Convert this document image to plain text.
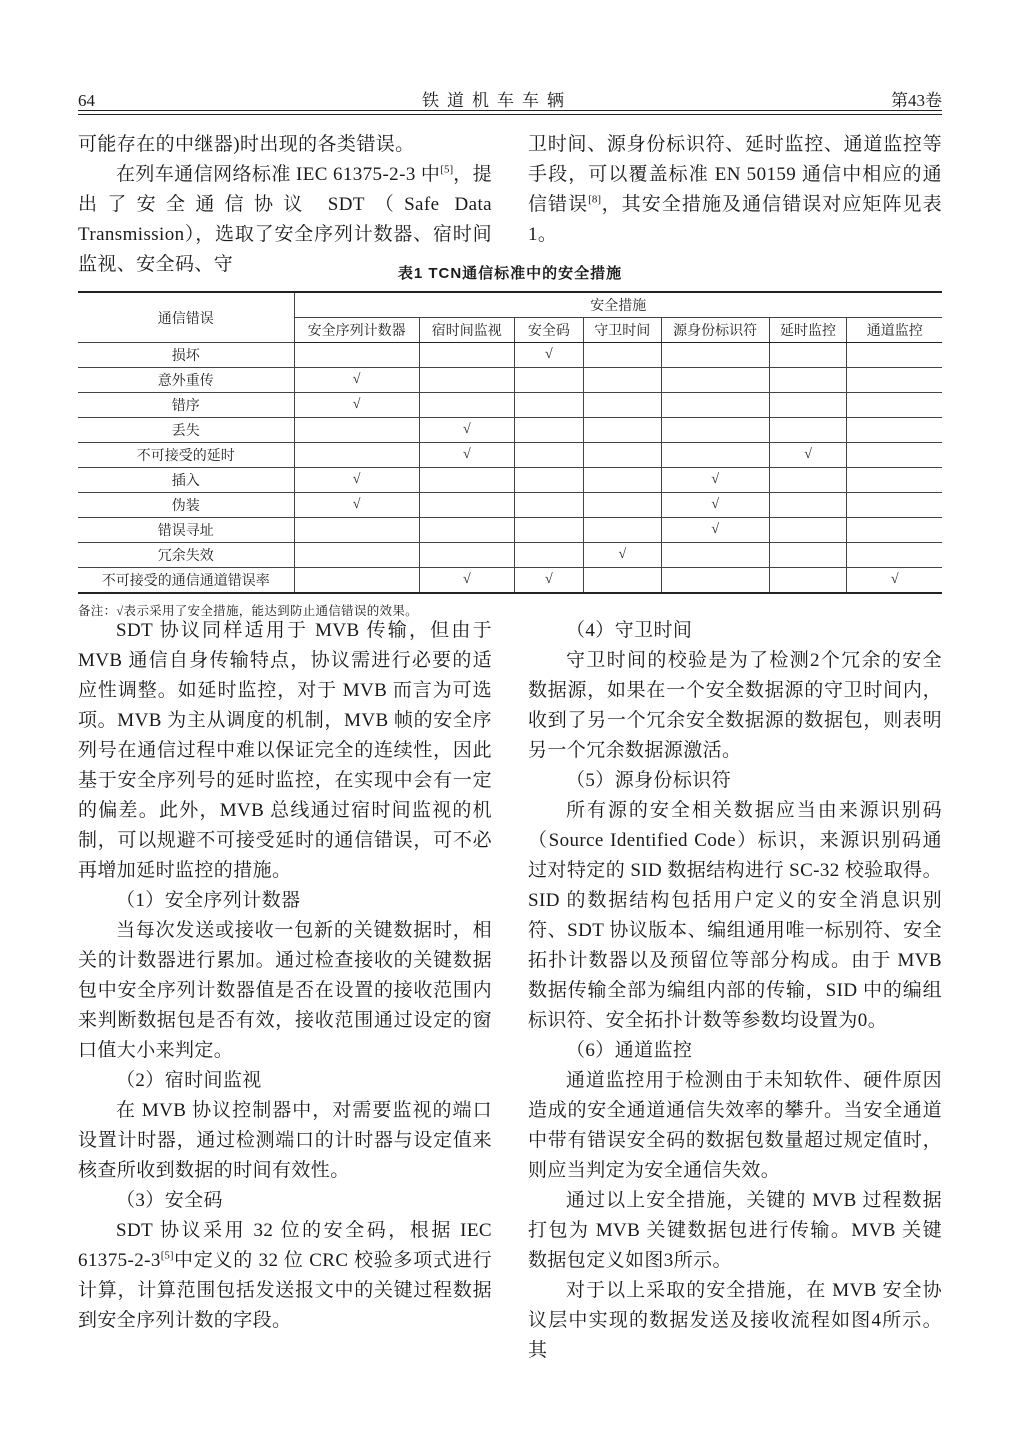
64	铁道机车车辆	第43卷

可能存在的中继器)时出现的各类错误。

在列车通信网络标准 IEC 61375-2-3 中[5]，提出了安全通信协议 SDT（Safe Data Transmission），选取了安全序列计数器、宿时间监视、安全码、守

卫时间、源身份标识符、延时监控、通道监控等手段，可以覆盖标准 EN 50159 通信中相应的通信错误[8]，其安全措施及通信错误对应矩阵见表1。

表1 TCN通信标准中的安全措施
通信错误	安全措施						
	安全序列计数器	宿时间监视	安全码	守卫时间	源身份标识符	延时监控	通道监控
损坏			√				
意外重传	√						
错序	√						
丢失		√					
不可接受的延时		√				√	
插入	√				√		
伪装	√				√		
错误寻址					√		
冗余失效				√			
不可接受的通信通道错误率		√	√				√
备注：√表示采用了安全措施，能达到防止通信错误的效果。

SDT 协议同样适用于 MVB 传输，但由于 MVB 通信自身传输特点，协议需进行必要的适应性调整。如延时监控，对于 MVB 而言为可选项。MVB 为主从调度的机制，MVB 帧的安全序列号在通信过程中难以保证完全的连续性，因此基于安全序列号的延时监控，在实现中会有一定的偏差。此外，MVB 总线通过宿时间监视的机制，可以规避不可接受延时的通信错误，可不必再增加延时监控的措施。

（1）安全序列计数器

当每次发送或接收一包新的关键数据时，相关的计数器进行累加。通过检查接收的关键数据包中安全序列计数器值是否在设置的接收范围内来判断数据包是否有效，接收范围通过设定的窗口值大小来判定。

（2）宿时间监视

在 MVB 协议控制器中，对需要监视的端口设置计时器，通过检测端口的计时器与设定值来核查所收到数据的时间有效性。

（3）安全码

SDT 协议采用 32 位的安全码，根据 IEC 61375-2-3[5]中定义的 32 位 CRC 校验多项式进行计算，计算范围包括发送报文中的关键过程数据到安全序列计数的字段。

（4）守卫时间

守卫时间的校验是为了检测2个冗余的安全数据源，如果在一个安全数据源的守卫时间内，收到了另一个冗余安全数据源的数据包，则表明另一个冗余数据源激活。

（5）源身份标识符

所有源的安全相关数据应当由来源识别码（Source Identified Code）标识，来源识别码通过对特定的 SID 数据结构进行 SC-32 校验取得。SID 的数据结构包括用户定义的安全消息识别符、SDT 协议版本、编组通用唯一标别符、安全拓扑计数器以及预留位等部分构成。由于 MVB 数据传输全部为编组内部的传输，SID 中的编组标识符、安全拓扑计数等参数均设置为0。

（6）通道监控

通道监控用于检测由于未知软件、硬件原因造成的安全通道通信失效率的攀升。当安全通道中带有错误安全码的数据包数量超过规定值时，则应当判定为安全通信失效。

通过以上安全措施，关键的 MVB 过程数据打包为 MVB 关键数据包进行传输。MVB 关键数据包定义如图3所示。

对于以上采取的安全措施，在 MVB 安全协议层中实现的数据发送及接收流程如图4所示。其
